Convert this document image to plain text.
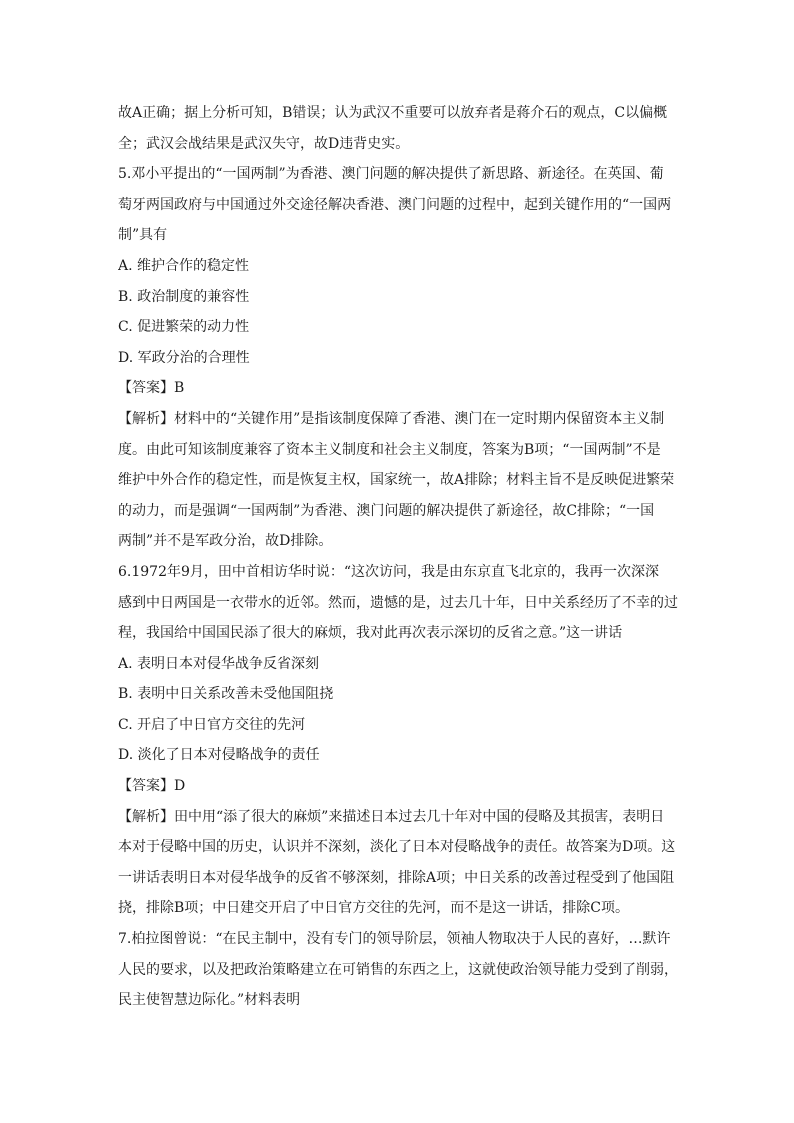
故A正确；据上分析可知，B错误；认为武汉不重要可以放弃者是蒋介石的观点，C以偏概
全；武汉会战结果是武汉失守，故D违背史实。
5.邓小平提出的“一国两制”为香港、澳门问题的解决提供了新思路、新途径。在英国、葡
萄牙两国政府与中国通过外交途径解决香港、澳门问题的过程中，起到关键作用的“一国两
制”具有
A. 维护合作的稳定性
B. 政治制度的兼容性
C. 促进繁荣的动力性
D. 军政分治的合理性
【答案】B
【解析】材料中的“关键作用”是指该制度保障了香港、澳门在一定时期内保留资本主义制
度。由此可知该制度兼容了资本主义制度和社会主义制度，答案为B项；“一国两制”不是
维护中外合作的稳定性，而是恢复主权，国家统一，故A排除；材料主旨不是反映促进繁荣
的动力，而是强调“一国两制”为香港、澳门问题的解决提供了新途径，故C排除；“一国
两制”并不是军政分治，故D排除。
6.1972年9月，田中首相访华时说：“这次访问，我是由东京直飞北京的，我再一次深深
感到中日两国是一衣带水的近邻。然而，遗憾的是，过去几十年，日中关系经历了不幸的过
程，我国给中国国民添了很大的麻烦，我对此再次表示深切的反省之意。”这一讲话
A. 表明日本对侵华战争反省深刻
B. 表明中日关系改善未受他国阻挠
C. 开启了中日官方交往的先河
D. 淡化了日本对侵略战争的责任
【答案】D
【解析】田中用“添了很大的麻烦”来描述日本过去几十年对中国的侵略及其损害，表明日
本对于侵略中国的历史，认识并不深刻，淡化了日本对侵略战争的责任。故答案为D项。这
一讲话表明日本对侵华战争的反省不够深刻，排除A项；中日关系的改善过程受到了他国阻
挠，排除B项；中日建交开启了中日官方交往的先河，而不是这一讲话，排除C项。
7.柏拉图曾说：“在民主制中，没有专门的领导阶层，领袖人物取决于人民的喜好，…默许
人民的要求，以及把政治策略建立在可销售的东西之上，这就使政治领导能力受到了削弱，
民主使智慧边际化。”材料表明
